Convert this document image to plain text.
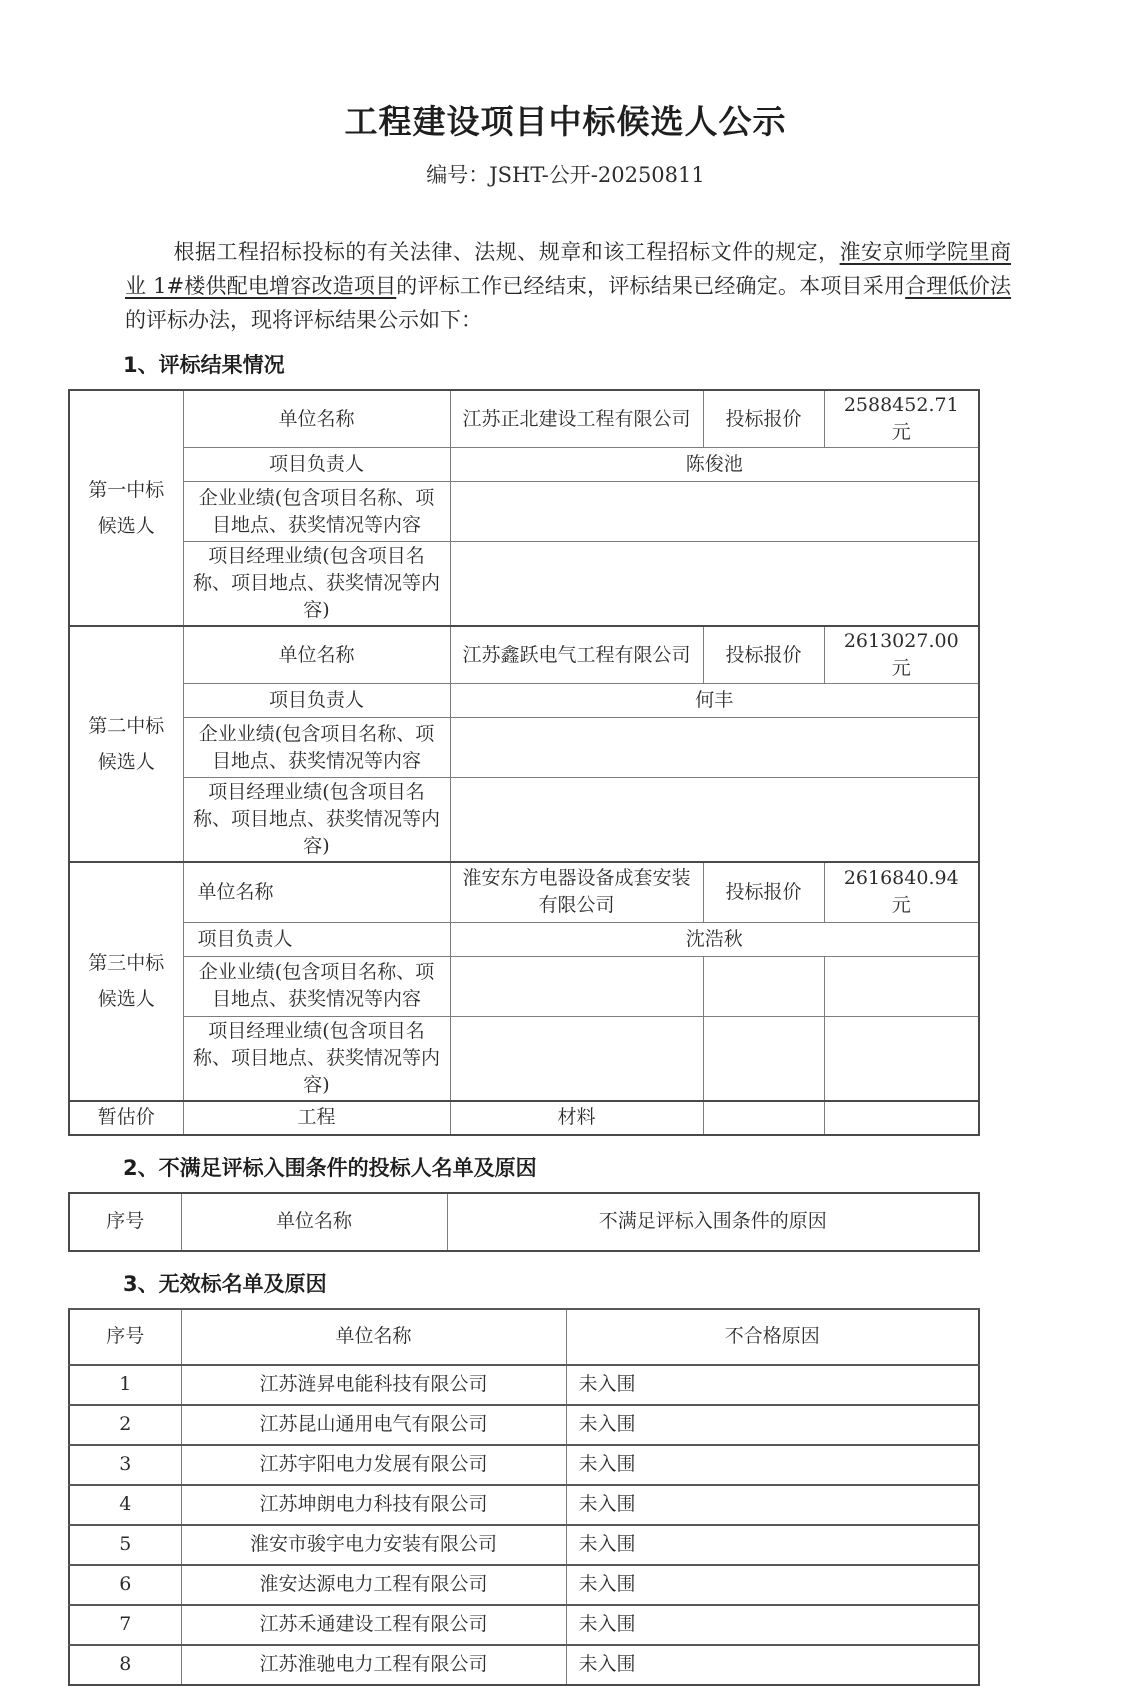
工程建设项目中标候选人公示
编号：JSHT-公开-20250811

根据工程招标投标的有关法律、法规、规章和该工程招标文件的规定，淮安京师学院里商业 1#楼供配电增容改造项目的评标工作已经结束，评标结果已经确定。本项目采用合理低价法的评标办法，现将评标结果公示如下：

1、评标结果情况
第一中标
候选人	单位名称	江苏正北建设工程有限公司	投标报价	2588452.71 元
	项目负责人	陈俊池		
	企业业绩(包含项目名称、项目地点、获奖情况等内容			
	项目经理业绩(包含项目名称、项目地点、获奖情况等内容)			

第二中标
候选人	单位名称	江苏鑫跃电气工程有限公司	投标报价	2613027.00 元
	项目负责人	何丰		
	企业业绩(包含项目名称、项目地点、获奖情况等内容			
	项目经理业绩(包含项目名称、项目地点、获奖情况等内容)			

第三中标
候选人	单位名称	淮安东方电器设备成套安装有限公司	投标报价	2616840.94 元
	项目负责人	沈浩秋		
	企业业绩(包含项目名称、项目地点、获奖情况等内容			
	项目经理业绩(包含项目名称、项目地点、获奖情况等内容)			
暂估价	工程	材料		
2、不满足评标入围条件的投标人名单及原因
序号	单位名称	不满足评标入围条件的原因
3、无效标名单及原因
序号	单位名称	不合格原因
1	江苏涟昇电能科技有限公司	未入围
2	江苏昆山通用电气有限公司	未入围
3	江苏宇阳电力发展有限公司	未入围
4	江苏坤朗电力科技有限公司	未入围
5	淮安市骏宇电力安装有限公司	未入围
6	淮安达源电力工程有限公司	未入围
7	江苏禾通建设工程有限公司	未入围
8	江苏淮驰电力工程有限公司	未入围
